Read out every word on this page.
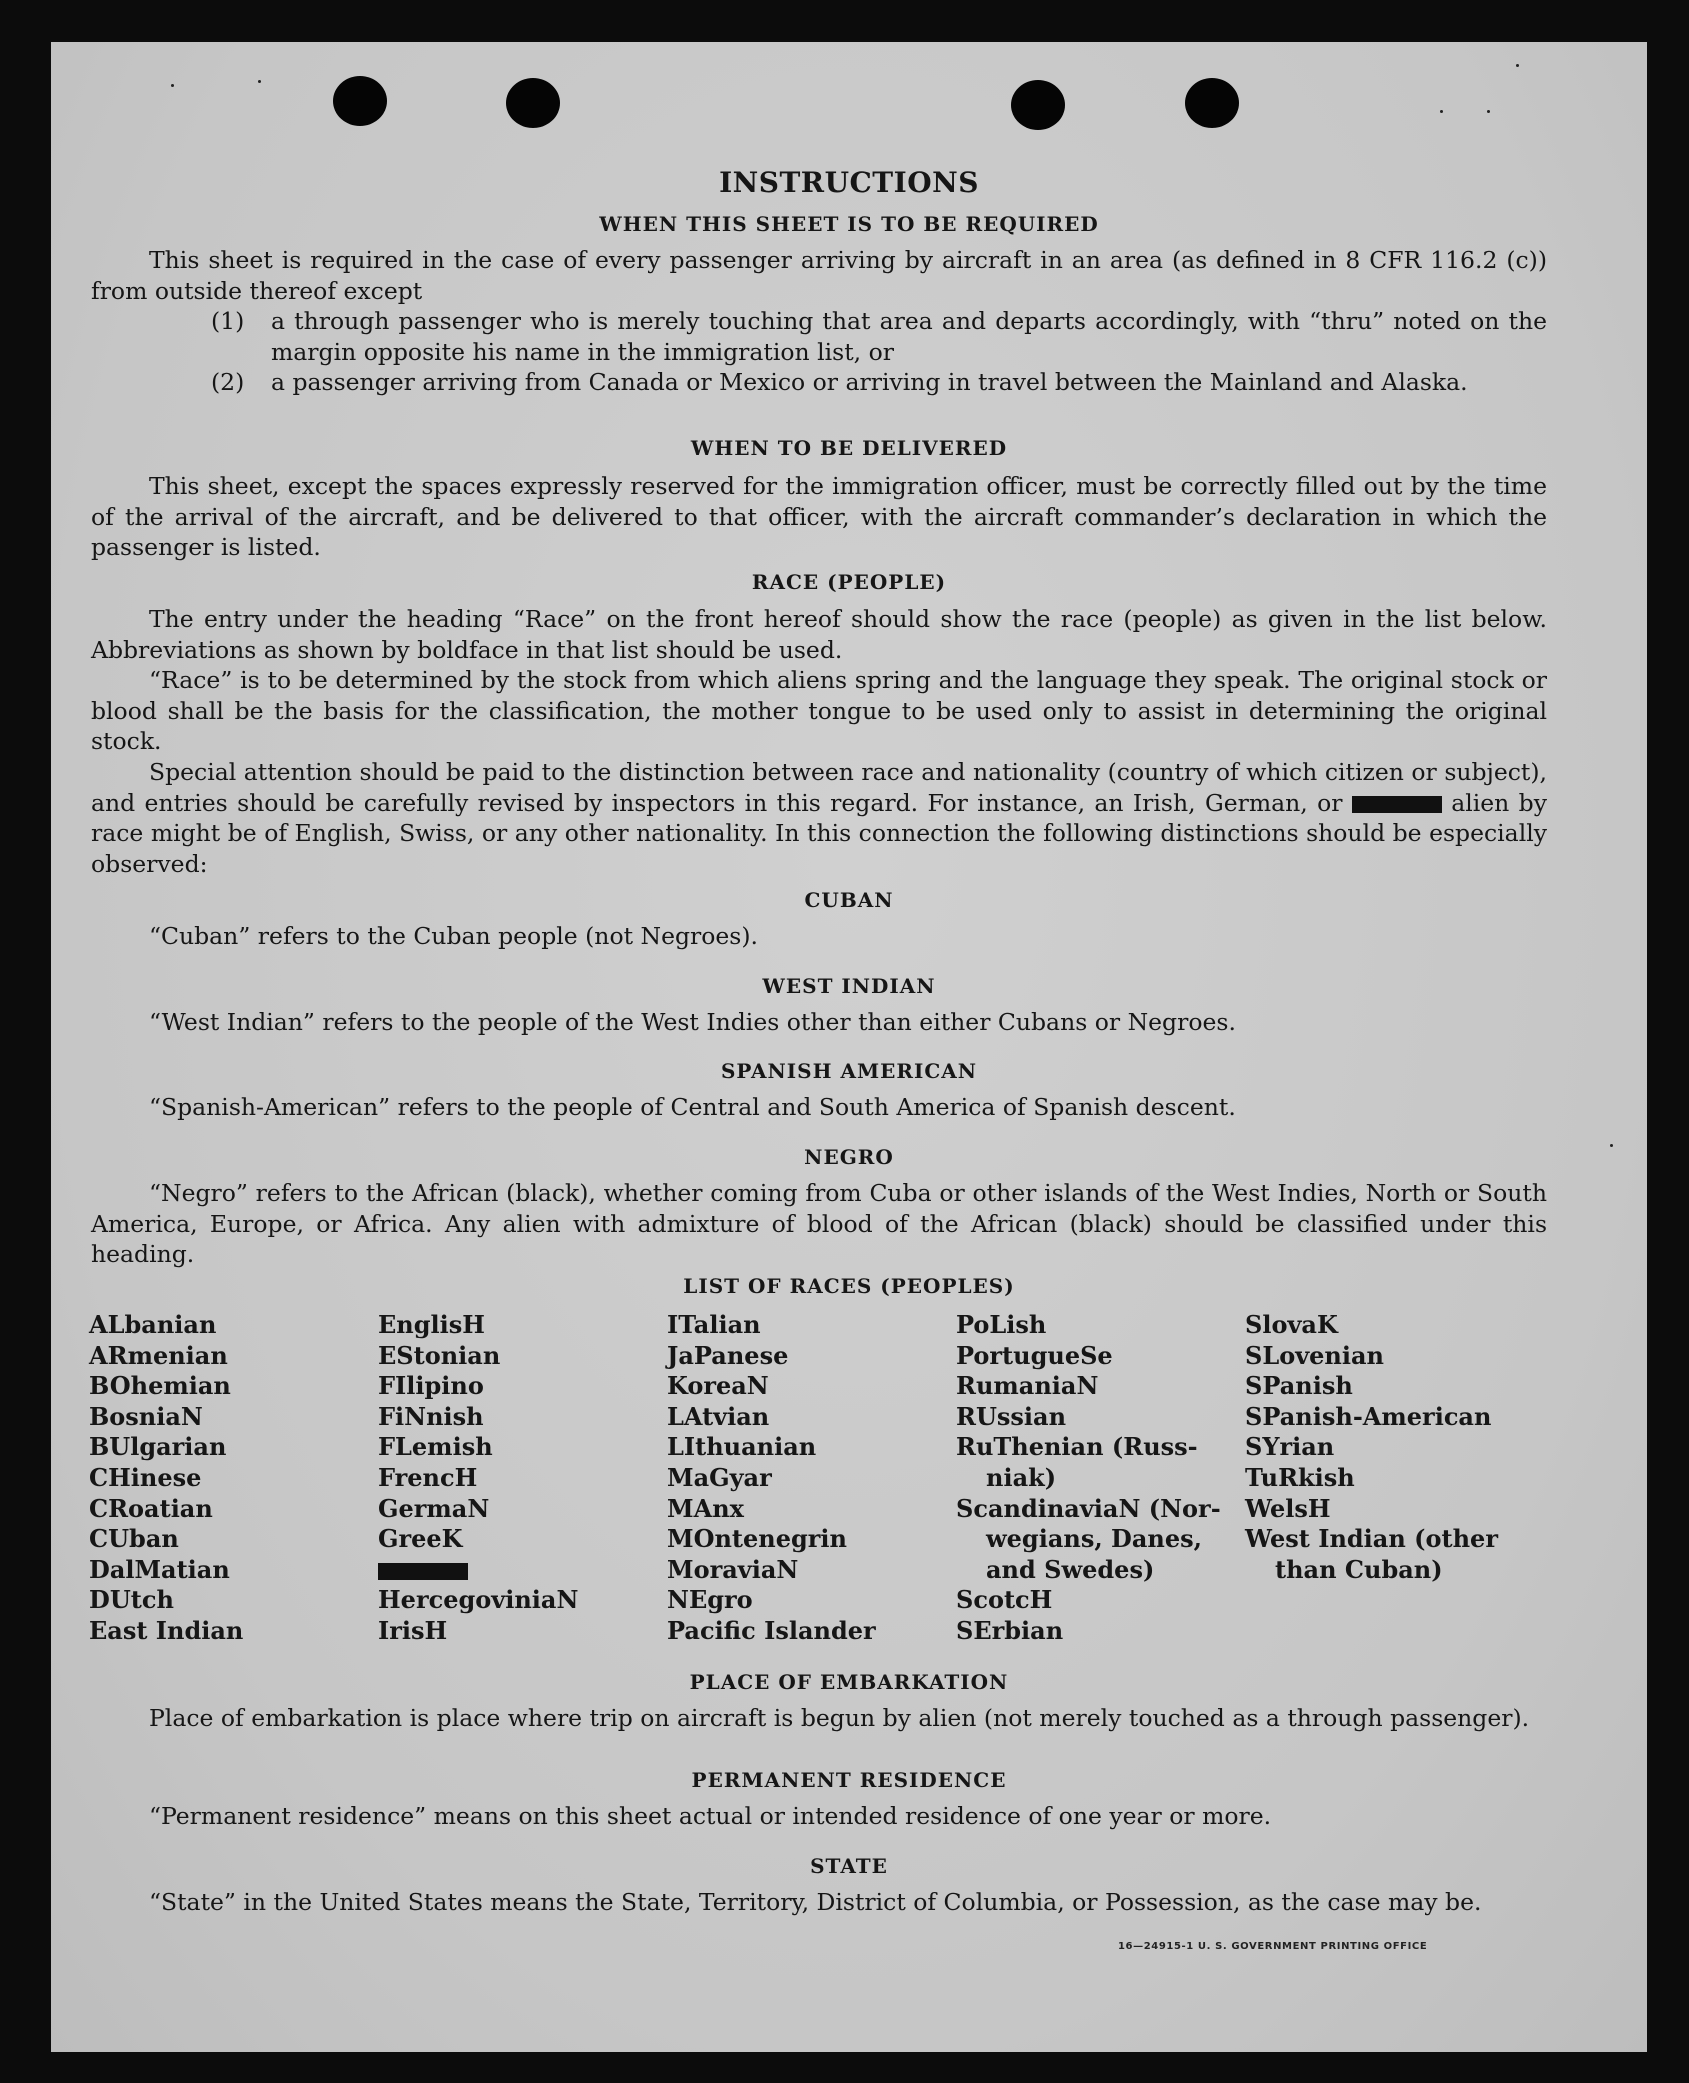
INSTRUCTIONS
WHEN THIS SHEET IS TO BE REQUIRED

This sheet is required in the case of every passenger arriving by aircraft in an area (as defined in 8 CFR 116.2 (c)) from outside thereof except

(1) a through passenger who is merely touching that area and departs accordingly, with “thru” noted on the margin opposite his name in the immigration list, or
(2) a passenger arriving from Canada or Mexico or arriving in travel between the Mainland and Alaska.
WHEN TO BE DELIVERED

This sheet, except the spaces expressly reserved for the immigration officer, must be correctly filled out by the time of the arrival of the aircraft, and be delivered to that officer, with the aircraft commander’s declaration in which the passenger is listed.

RACE (PEOPLE)

The entry under the heading “Race” on the front hereof should show the race (people) as given in the list below. Abbreviations as shown by boldface in that list should be used.

“Race” is to be determined by the stock from which aliens spring and the language they speak. The original stock or blood shall be the basis for the classification, the mother tongue to be used only to assist in determining the original stock.

Special attention should be paid to the distinction between race and nationality (country of which citizen or subject), and entries should be carefully revised by inspectors in this regard. For instance, an Irish, German, or	alien by race might be of English, Swiss, or any other nationality. In this connection the following distinctions should be especially observed:

CUBAN

“Cuban” refers to the Cuban people (not Negroes).

WEST INDIAN

“West Indian” refers to the people of the West Indies other than either Cubans or Negroes.

SPANISH AMERICAN

“Spanish-American” refers to the people of Central and South America of Spanish descent.

NEGRO

“Negro” refers to the African (black), whether coming from Cuba or other islands of the West Indies, North or South America, Europe, or Africa. Any alien with admixture of blood of the African (black) should be classified under this heading.

LIST OF RACES (PEOPLES)
ALbanian
ARmenian
BOhemian
BosniaN
BUlgarian
CHinese
CRoatian
CUban
DalMatian
DUtch
East Indian
EnglisH
EStonian
FIlipino
FiNnish
FLemish
FrencH
GermaN
GreeK
HercegoviniaN
IrisH
ITalian
JaPanese
KoreaN
LAtvian
LIthuanian
MaGyar
MAnx
MOntenegrin
MoraviaN
NEgro
Pacific Islander
PoLish
PortugueSe
RumaniaN
RUssian
RuThenian (Russ-
niak)
ScandinaviaN (Nor-
wegians, Danes,
and Swedes)
ScotcH
SErbian
SlovaK
SLovenian
SPanish
SPanish-American
SYrian
TuRkish
WelsH
West Indian (other
than Cuban)
PLACE OF EMBARKATION

Place of embarkation is place where trip on aircraft is begun by alien (not merely touched as a through passenger).

PERMANENT RESIDENCE

“Permanent residence” means on this sheet actual or intended residence of one year or more.

STATE

“State” in the United States means the State, Territory, District of Columbia, or Possession, as the case may be.

16—24915-1 U. S. GOVERNMENT PRINTING OFFICE
